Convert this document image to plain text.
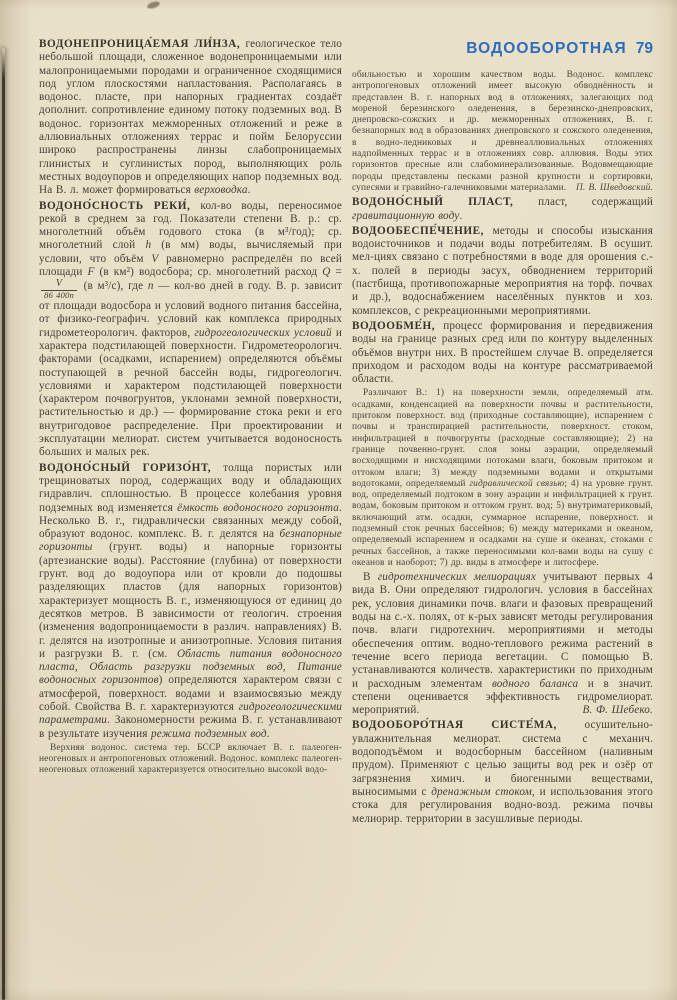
ВОДООБОРОТНАЯ 79
ВОДОНЕПРОНИЦА́ЕМАЯ ЛИ́НЗА, геологическое тело небольшой площади, сложенное водонепроницаемыми или малопроницаемыми породами и ограниченное сходящимися под углом плоскостями напластования. Располагаясь в водонос. пласте, при напорных градиентах создаёт дополнит. сопротивление единому потоку подземных вод. В водонос. горизонтах межморенных отложений и реже в аллювиальных отложениях террас и пойм Белоруссии широко распространены линзы слабопроницаемых глинистых и суглинистых пород, выполняющих роль местных водоупоров и определяющих напор подземных вод. На В. л. может формироваться верховодка.
ВОДОНО́СНОСТЬ РЕКИ́, кол-во воды, переносимое рекой в среднем за год. Показатели степени В. р.: ср. многолетний объём годового стока (в м³/год); ср. многолетний слой h (в мм) воды, вычисляемый при условии, что объём V равномерно распределён по всей площади F (в км²) водосбора; ср. многолетний расход Q =
$\frac{V}{86 400n} (в$ м³/с), где n — кол-во дней в году. В. р. зависит от площади водосбора и условий водного питания бассейна, от физико-географич. условий как комплекса природных гидрометеорологич. факторов, гидрогеологических условий и характера подстилающей поверхности. Гидрометеорологич. факторами (осадками, испарением) определяются объёмы поступающей в речной бассейн воды, гидрогеологич. условиями и характером подстилающей поверхности (характером почвогрунтов, уклонами земной поверхности, растительностью и др.) — формирование стока реки и его внутригодовое распределение. При проектировании и эксплуатации мелиорат. систем учитывается водоносность больших и малых рек.
ВОДОНО́СНЫЙ ГОРИЗО́НТ, толща пористых или трещиноватых пород, содержащих воду и обладающих гидравлич. сплошностью. В процессе колебания уровня подземных вод изменяется ёмкость водоносного горизонта. Несколько В. г., гидравлически связанных между собой, образуют водонос. комплекс. В. г. делятся на безнапорные горизонты (грунт. воды) и напорные горизонты (артезианские воды). Расстояние (глубина) от поверхности грунт. вод до водоупора или от кровли до подошвы разделяющих пластов (для напорных горизонтов) характеризует мощность В. г., изменяющуюся от единиц до десятков метров. В зависимости от геологич. строения (изменения водопроницаемости в различ. направлениях) В. г. делятся на изотропные и анизотропные. Условия питания и разгрузки В. г. (см. Область питания водоносного пласта, Область разгрузки подземных вод, Питание водоносных горизонтов) определяются характером связи с атмосферой, поверхност. водами и взаимосвязью между собой. Свойства В. г. характеризуются гидрогеологическими параметрами. Закономерности режима В. г. устанавливают в результате изучения режима подземных вод.
Верхняя водонос. система тер. БССР включает В. г. палеоген-неогеновых и антропогеновых отложений. Водонос. комплекс палеоген-неогеновых отложений характеризуется относительно высокой водо-
обильностью и хорошим качеством воды. Водонос. комплекс антропогеновых отложений имеет высокую обводнённость и представлен В. г. напорных вод в отложениях, залегающих под мореной березинского оледенения, в березинско-днепровских, днепровско-сожских и др. межморенных отложениях, В. г. безнапорных вод в образованиях днепровского и сожского оледенения, в водно-ледниковых и древнеаллювиальных отложениях надпойменных террас и в отложениях совр. аллювия. Воды этих горизонтов пресные или слабоминерализованные. Водовмещающие породы представлены песками разной крупности и сортировки, супесями и гравийно-галечниковыми материалами.	П. В. Шведовский.
ВОДОНО́СНЫЙ ПЛАСТ, пласт, содержащий гравитационную воду.
ВОДООБЕСПЕ́ЧЕНИЕ, методы и способы изыскания водоисточников и подачи воды потребителям. В осушит. мел-циях связано с потребностями в воде для орошения с.-х. полей в периоды засух, обводнением территорий (пастбища, противопожарные мероприятия на торф. почвах и др.), водоснабжением населённых пунктов и хоз. комплексов, с рекреационными мероприятиями.
ВОДООБМЕ́Н, процесс формирования и передвижения воды на границе разных сред или по контуру выделенных объёмов внутри них. В простейшем случае В. определяется приходом и расходом воды на контуре рассматриваемой области.
Различают В.: 1) на поверхности земли, определяемый атм. осадками, конденсацией на поверхности почвы и растительности, притоком поверхност. вод (приходные составляющие), испарением с почвы и транспирацией растительности, поверхност. стоком, инфильтрацией в почвогрунты (расходные составляющие); 2) на границе почвенно-грунт. слоя зоны аэрации, определяемый восходящими и нисходящими потоками влаги, боковым притоком и оттоком влаги; 3) между подземными водами и открытыми водотоками, определяемый гидравлической связью; 4) на уровне грунт. вод, определяемый подтоком в зону аэрации и инфильтрацией к грунт. водам, боковым притоком и оттоком грунт. вод; 5) внутриматериковый, включающий атм. осадки, суммарное испарение, поверхност. и подземный сток речных бассейнов; 6) между материками и океаном, определяемый испарением и осадками на суше и океанах, стоками с речных бассейнов, а также переносимыми кол-вами воды на сушу с океанов и наоборот; 7) др. виды в атмосфере и литосфере.
В гидротехнических мелиорациях учитывают первых 4 вида В. Они определяют гидрологич. условия в бассейнах рек, условия динамики почв. влаги и фазовых превращений воды на с.-х. полях, от к-рых зависят методы регулирования почв. влаги гидротехнич. мероприятиями и методы обеспечения оптим. водно-теплового режима растений в течение всего периода вегетации. С помощью В. устанавливаются количеств. характеристики по приходным и расходным элементам водного баланса и в значит. степени оценивается эффективность гидромелиорат. мероприятий.	В. Ф. Шебеко.
ВОДООБОРО́ТНАЯ СИСТЕ́МА, осушительно-увлажнительная мелиорат. система с механич. водоподъёмом и водосборным бассейном (наливным прудом). Применяют с целью защиты вод рек и озёр от загрязнения химич. и биогенными веществами, выносимыми с дренажным стоком, и использования этого стока для регулирования водно-возд. режима почвы мелиорир. территории в засушливые периоды.
